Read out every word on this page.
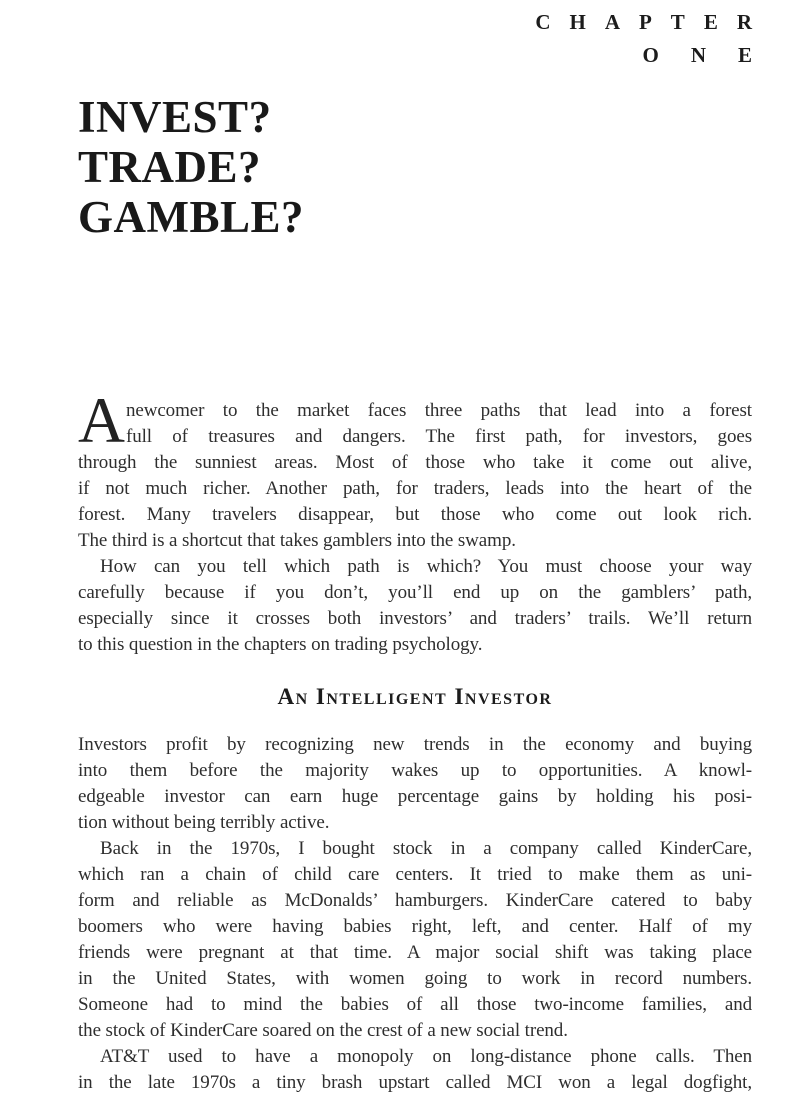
CHAPTER
ONE
INVEST?
TRADE?
GAMBLE?
A newcomer to the market faces three paths that lead into a forest
full of treasures and dangers. The first path, for investors, goes
through the sunniest areas. Most of those who take it come out alive,
if not much richer. Another path, for traders, leads into the heart of the
forest. Many travelers disappear, but those who come out look rich.
The third is a shortcut that takes gamblers into the swamp.
How can you tell which path is which? You must choose your way
carefully because if you don’t, you’ll end up on the gamblers’ path,
especially since it crosses both investors’ and traders’ trails. We’ll return
to this question in the chapters on trading psychology.
An Intelligent Investor
Investors profit by recognizing new trends in the economy and buying
into them before the majority wakes up to opportunities. A knowl-
edgeable investor can earn huge percentage gains by holding his posi-
tion without being terribly active.
Back in the 1970s, I bought stock in a company called KinderCare,
which ran a chain of child care centers. It tried to make them as uni-
form and reliable as McDonalds’ hamburgers. KinderCare catered to baby
boomers who were having babies right, left, and center. Half of my
friends were pregnant at that time. A major social shift was taking place
in the United States, with women going to work in record numbers.
Someone had to mind the babies of all those two-income families, and
the stock of KinderCare soared on the crest of a new social trend.
AT&T used to have a monopoly on long-distance phone calls. Then
in the late 1970s a tiny brash upstart called MCI won a legal dogfight,
